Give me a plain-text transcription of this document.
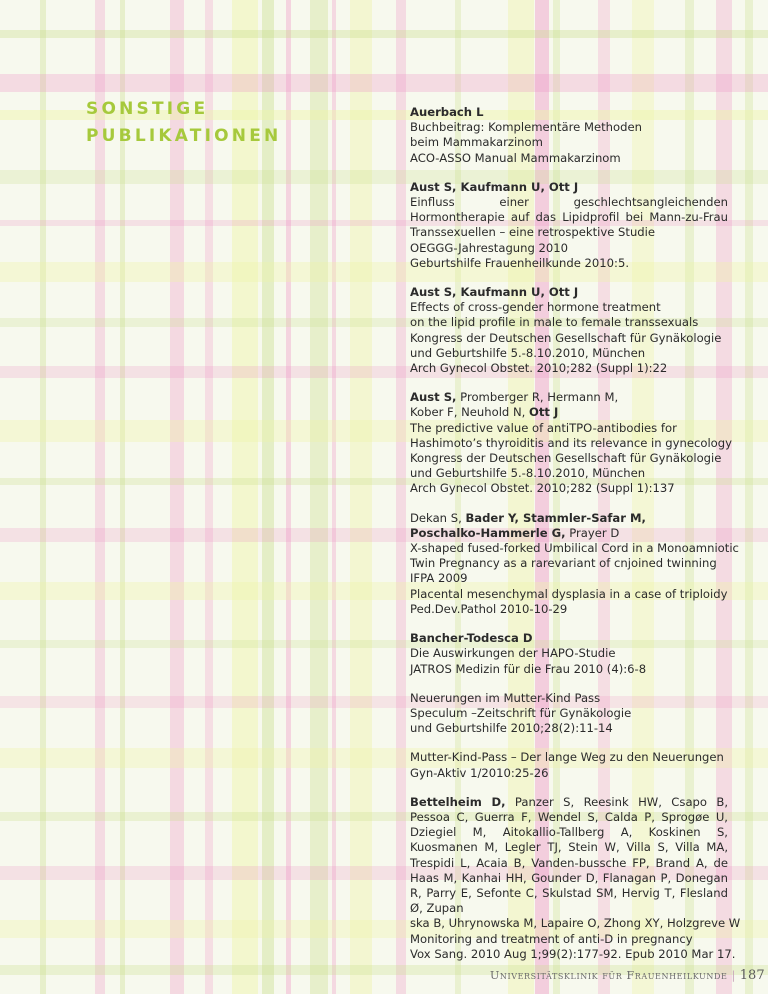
SONSTIGE
PUBLIKATIONEN
Auerbach L
Buchbeitrag: Komplementäre Methoden
beim Mammakarzinom
ACO-ASSO Manual Mammakarzinom
Aust S, Kaufmann U, Ott J
Einfluss einer geschlechtsangleichenden Hormontherapie auf das Lipidprofil bei Mann-zu-Frau Transsexuellen – eine retrospektive Studie
OEGGG-Jahrestagung 2010
Geburtshilfe Frauenheilkunde 2010:5.
Aust S, Kaufmann U, Ott J
Effects of cross-gender hormone treatment
on the lipid profile in male to female transsexuals
Kongress der Deutschen Gesellschaft für Gynäkologie
und Geburtshilfe 5.-8.10.2010, München
Arch Gynecol Obstet. 2010;282 (Suppl 1):22
Aust S, Promberger R, Hermann M,
Kober F, Neuhold N, Ott J
The predictive value of antiTPO-antibodies for
Hashimoto’s thyroiditis and its relevance in gynecology
Kongress der Deutschen Gesellschaft für Gynäkologie
und Geburtshilfe 5.-8.10.2010, München
Arch Gynecol Obstet. 2010;282 (Suppl 1):137
Dekan S, Bader Y, Stammler-Safar M,
Poschalko-Hammerle G, Prayer D
X-shaped fused-forked Umbilical Cord in a Monoamniotic
Twin Pregnancy as a rarevariant of cnjoined twinning
IFPA 2009
Placental mesenchymal dysplasia in a case of triploidy
Ped.Dev.Pathol 2010-10-29
Bancher-Todesca D
Die Auswirkungen der HAPO-Studie
JATROS Medizin für die Frau 2010 (4):6-8
Neuerungen im Mutter-Kind Pass
Speculum –Zeitschrift für Gynäkologie
und Geburtshilfe 2010;28(2):11-14
Mutter-Kind-Pass – Der lange Weg zu den Neuerungen
Gyn-Aktiv 1/2010:25-26
Bettelheim D, Panzer S, Reesink HW, Csapo B, Pessoa C, Guerra F, Wendel S, Calda P, Sprogøe U, Dziegiel M, Aitokallio-Tallberg A, Koskinen S, Kuosmanen M, Legler TJ, Stein W, Villa S, Villa MA, Trespidi L, Acaia B, Vanden-bussche FP, Brand A, de Haas M, Kanhai HH, Gounder D, Flanagan P, Donegan R, Parry E, Sefonte C, Skulstad SM, Hervig T, Flesland Ø, Zupan
ska B, Uhrynowska M, Lapaire O, Zhong XY, Holzgreve W
Monitoring and treatment of anti-D in pregnancy
Vox Sang. 2010 Aug 1;99(2):177-92. Epub 2010 Mar 17.
Universitätsklinik für Frauenheilkunde | 187
